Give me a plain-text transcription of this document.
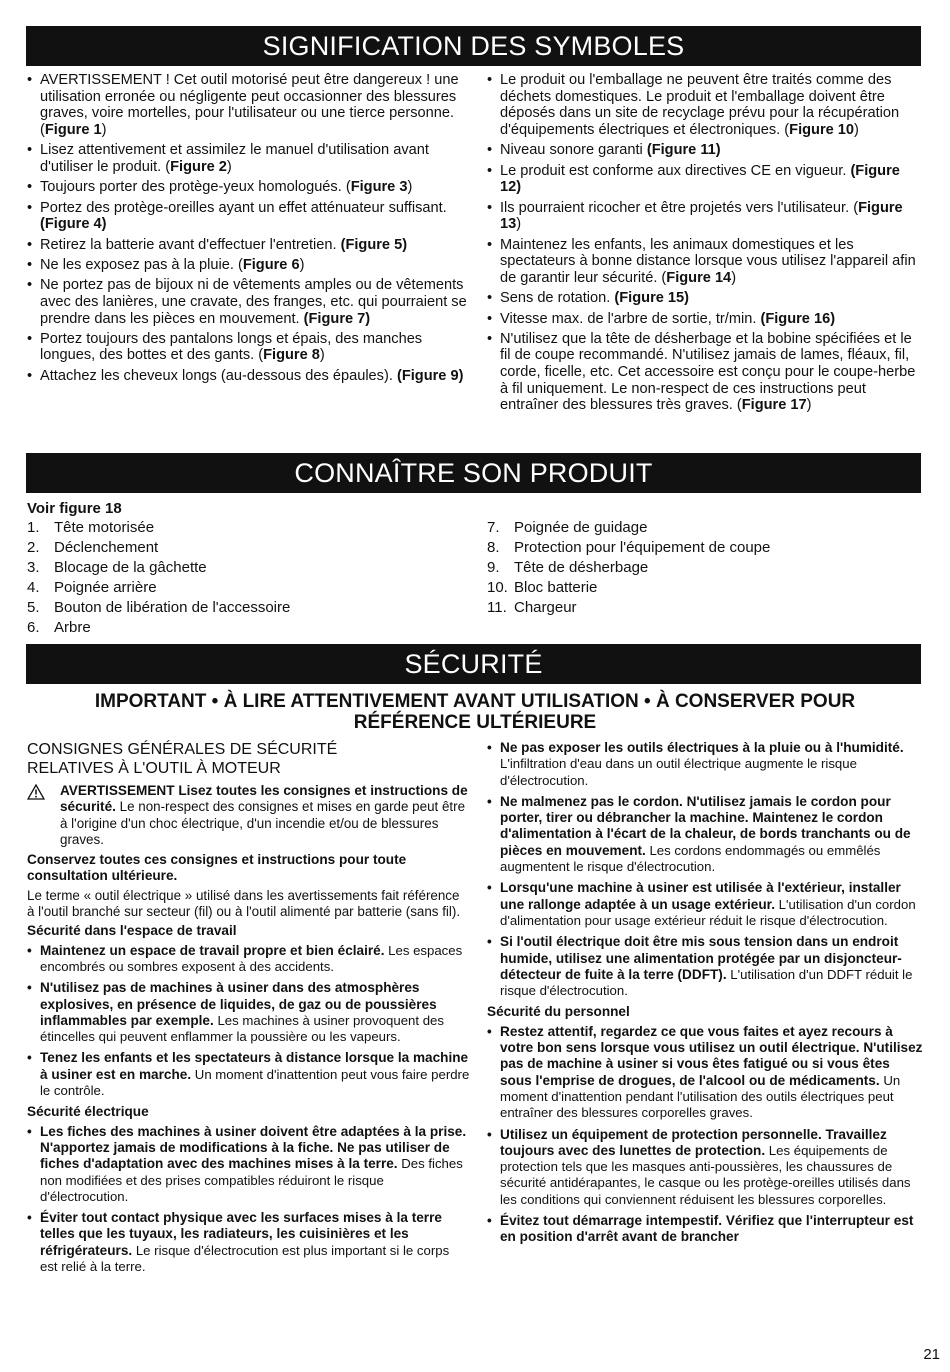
SIGNIFICATION DES SYMBOLES
• AVERTISSEMENT ! Cet outil motorisé peut être dangereux ! une utilisation erronée ou négligente peut occasionner des blessures graves, voire mortelles, pour l'utilisateur ou une tierce personne. (Figure 1)
• Lisez attentivement et assimilez le manuel d'utilisation avant d'utiliser le produit. (Figure 2)
• Toujours porter des protège-yeux homologués. (Figure 3)
• Portez des protège-oreilles ayant un effet atténuateur suffisant. (Figure 4)
• Retirez la batterie avant d'effectuer l'entretien. (Figure 5)
• Ne les exposez pas à la pluie. (Figure 6)
• Ne portez pas de bijoux ni de vêtements amples ou de vêtements avec des lanières, une cravate, des franges, etc. qui pourraient se prendre dans les pièces en mouvement. (Figure 7)
• Portez toujours des pantalons longs et épais, des manches longues, des bottes et des gants. (Figure 8)
• Attachez les cheveux longs (au-dessous des épaules). (Figure 9)
• Le produit ou l'emballage ne peuvent être traités comme des déchets domestiques. Le produit et l'emballage doivent être déposés dans un site de recyclage prévu pour la récupération d'équipements électriques et électroniques. (Figure 10)
• Niveau sonore garanti (Figure 11)
• Le produit est conforme aux directives CE en vigueur. (Figure 12)
• Ils pourraient ricocher et être projetés vers l'utilisateur. (Figure 13)
• Maintenez les enfants, les animaux domestiques et les spectateurs à bonne distance lorsque vous utilisez l'appareil afin de garantir leur sécurité. (Figure 14)
• Sens de rotation. (Figure 15)
• Vitesse max. de l'arbre de sortie, tr/min. (Figure 16)
• N'utilisez que la tête de désherbage et la bobine spécifiées et le fil de coupe recommandé. N'utilisez jamais de lames, fléaux, fil, corde, ficelle, etc. Cet accessoire est conçu pour le coupe-herbe à fil uniquement. Le non-respect de ces instructions peut entraîner des blessures très graves. (Figure 17)
CONNAÎTRE SON PRODUIT
Voir figure 18
1. Tête motorisée
2. Déclenchement
3. Blocage de la gâchette
4. Poignée arrière
5. Bouton de libération de l'accessoire
6. Arbre
7. Poignée de guidage
8. Protection pour l'équipement de coupe
9. Tête de désherbage
10. Bloc batterie
11. Chargeur
SÉCURITÉ
IMPORTANT • À LIRE ATTENTIVEMENT AVANT UTILISATION • À CONSERVER POUR RÉFÉRENCE ULTÉRIEURE
CONSIGNES GÉNÉRALES DE SÉCURITÉ RELATIVES À L'OUTIL À MOTEUR
AVERTISSEMENT Lisez toutes les consignes et instructions de sécurité. Le non-respect des consignes et mises en garde peut être à l'origine d'un choc électrique, d'un incendie et/ou de blessures graves.
Conservez toutes ces consignes et instructions pour toute consultation ultérieure.
Le terme « outil électrique » utilisé dans les avertissements fait référence à l'outil branché sur secteur (fil) ou à l'outil alimenté par batterie (sans fil).
Sécurité dans l'espace de travail
• Maintenez un espace de travail propre et bien éclairé. Les espaces encombrés ou sombres exposent à des accidents.
• N'utilisez pas de machines à usiner dans des atmosphères explosives, en présence de liquides, de gaz ou de poussières inflammables par exemple. Les machines à usiner provoquent des étincelles qui peuvent enflammer la poussière ou les vapeurs.
• Tenez les enfants et les spectateurs à distance lorsque la machine à usiner est en marche. Un moment d'inattention peut vous faire perdre le contrôle.
Sécurité électrique
• Les fiches des machines à usiner doivent être adaptées à la prise. N'apportez jamais de modifications à la fiche. Ne pas utiliser de fiches d'adaptation avec des machines mises à la terre. Des fiches non modifiées et des prises compatibles réduiront le risque d'électrocution.
• Éviter tout contact physique avec les surfaces mises à la terre telles que les tuyaux, les radiateurs, les cuisinières et les réfrigérateurs. Le risque d'électrocution est plus important si le corps est relié à la terre.
• Ne pas exposer les outils électriques à la pluie ou à l'humidité. L'infiltration d'eau dans un outil électrique augmente le risque d'électrocution.
• Ne malmenez pas le cordon. N'utilisez jamais le cordon pour porter, tirer ou débrancher la machine. Maintenez le cordon d'alimentation à l'écart de la chaleur, de bords tranchants ou de pièces en mouvement. Les cordons endommagés ou emmêlés augmentent le risque d'électrocution.
• Lorsqu'une machine à usiner est utilisée à l'extérieur, installer une rallonge adaptée à un usage extérieur. L'utilisation d'un cordon d'alimentation pour usage extérieur réduit le risque d'électrocution.
• Si l'outil électrique doit être mis sous tension dans un endroit humide, utilisez une alimentation protégée par un disjoncteur-détecteur de fuite à la terre (DDFT). L'utilisation d'un DDFT réduit le risque d'électrocution.
Sécurité du personnel
• Restez attentif, regardez ce que vous faites et ayez recours à votre bon sens lorsque vous utilisez un outil électrique. N'utilisez pas de machine à usiner si vous êtes fatigué ou si vous êtes sous l'emprise de drogues, de l'alcool ou de médicaments. Un moment d'inattention pendant l'utilisation des outils électriques peut entraîner des blessures corporelles graves.
• Utilisez un équipement de protection personnelle. Travaillez toujours avec des lunettes de protection. Les équipements de protection tels que les masques anti-poussières, les chaussures de sécurité antidérapantes, le casque ou les protège-oreilles utilisés dans les conditions qui conviennent réduisent les blessures corporelles.
• Évitez tout démarrage intempestif. Vérifiez que l'interrupteur est en position d'arrêt avant de brancher
21
